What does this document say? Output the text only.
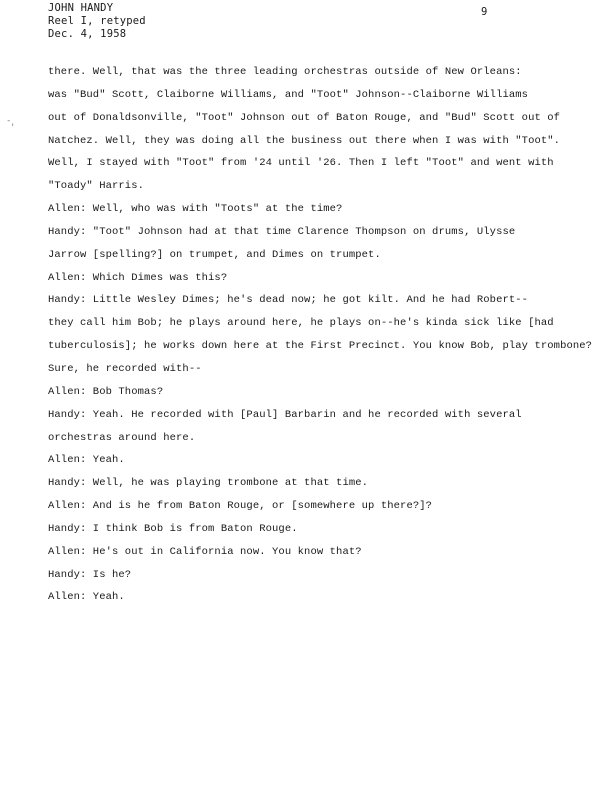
JOHN HANDY
Reel I, retyped
Dec. 4, 1958
9
-
'
there. Well, that was the three leading orchestras outside of New Orleans:
was "Bud" Scott, Claiborne Williams, and "Toot" Johnson--Claiborne Williams
out of Donaldsonville, "Toot" Johnson out of Baton Rouge, and "Bud" Scott out of
Natchez. Well, they was doing all the business out there when I was with "Toot".
Well, I stayed with "Toot" from '24 until '26. Then I left "Toot" and went with
"Toady" Harris.
Allen: Well, who was with "Toots" at the time?
Handy: "Toot" Johnson had at that time Clarence Thompson on drums, Ulysse
Jarrow [spelling?] on trumpet, and Dimes on trumpet.
Allen: Which Dimes was this?
Handy: Little Wesley Dimes; he's dead now; he got kilt. And he had Robert--
they call him Bob; he plays around here, he plays on--he's kinda sick like [had
tuberculosis]; he works down here at the First Precinct. You know Bob, play trombone?
Sure, he recorded with--
Allen: Bob Thomas?
Handy: Yeah. He recorded with [Paul] Barbarin and he recorded with several
orchestras around here.
Allen: Yeah.
Handy: Well, he was playing trombone at that time.
Allen: And is he from Baton Rouge, or [somewhere up there?]?
Handy: I think Bob is from Baton Rouge.
Allen: He's out in California now. You know that?
Handy: Is he?
Allen: Yeah.
